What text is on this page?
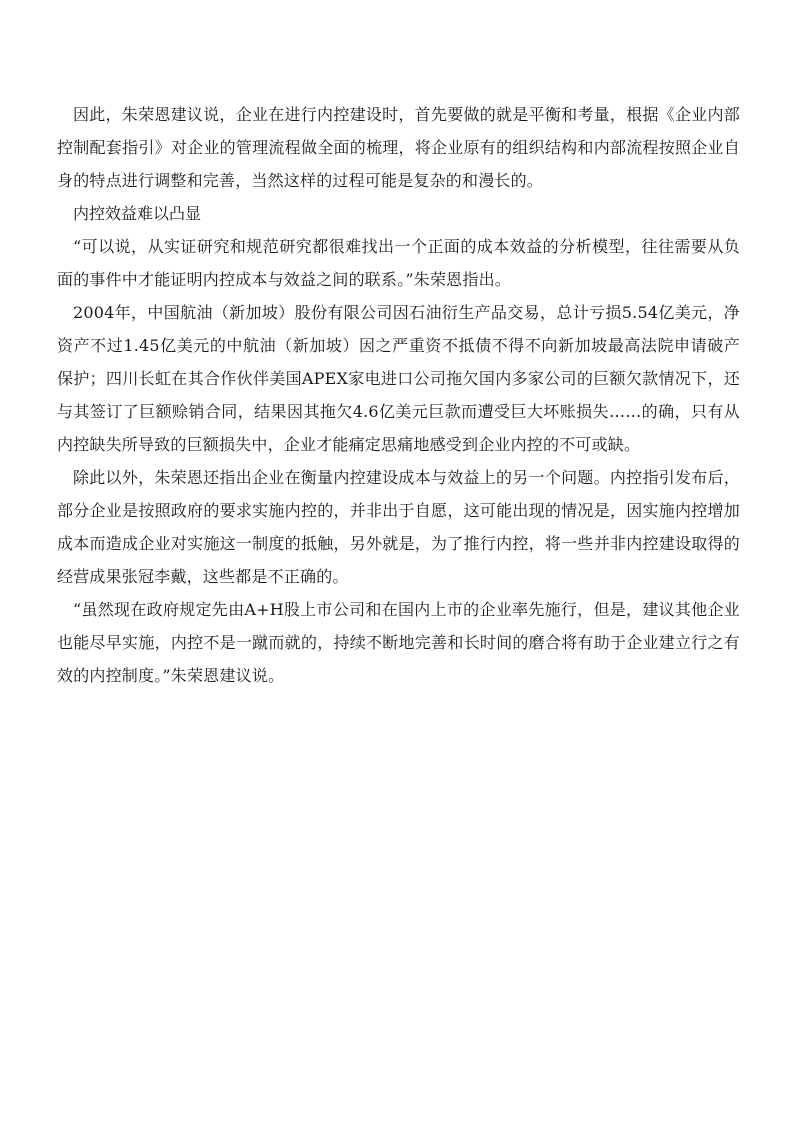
因此，朱荣恩建议说，企业在进行内控建设时，首先要做的就是平衡和考量，根据《企业内部控制配套指引》对企业的管理流程做全面的梳理，将企业原有的组织结构和内部流程按照企业自身的特点进行调整和完善，当然这样的过程可能是复杂的和漫长的。

内控效益难以凸显

“可以说，从实证研究和规范研究都很难找出一个正面的成本效益的分析模型，往往需要从负面的事件中才能证明内控成本与效益之间的联系。”朱荣恩指出。

2004年，中国航油（新加坡）股份有限公司因石油衍生产品交易，总计亏损5.54亿美元，净资产不过1.45亿美元的中航油（新加坡）因之严重资不抵债不得不向新加坡最高法院申请破产保护；四川长虹在其合作伙伴美国APEX家电进口公司拖欠国内多家公司的巨额欠款情况下，还与其签订了巨额赊销合同，结果因其拖欠4.6亿美元巨款而遭受巨大坏账损失……的确，只有从内控缺失所导致的巨额损失中，企业才能痛定思痛地感受到企业内控的不可或缺。

除此以外，朱荣恩还指出企业在衡量内控建设成本与效益上的另一个问题。内控指引发布后，部分企业是按照政府的要求实施内控的，并非出于自愿，这可能出现的情况是，因实施内控增加成本而造成企业对实施这一制度的抵触，另外就是，为了推行内控，将一些并非内控建设取得的经营成果张冠李戴，这些都是不正确的。

“虽然现在政府规定先由A+H股上市公司和在国内上市的企业率先施行，但是，建议其他企业也能尽早实施，内控不是一蹴而就的，持续不断地完善和长时间的磨合将有助于企业建立行之有效的内控制度。”朱荣恩建议说。
